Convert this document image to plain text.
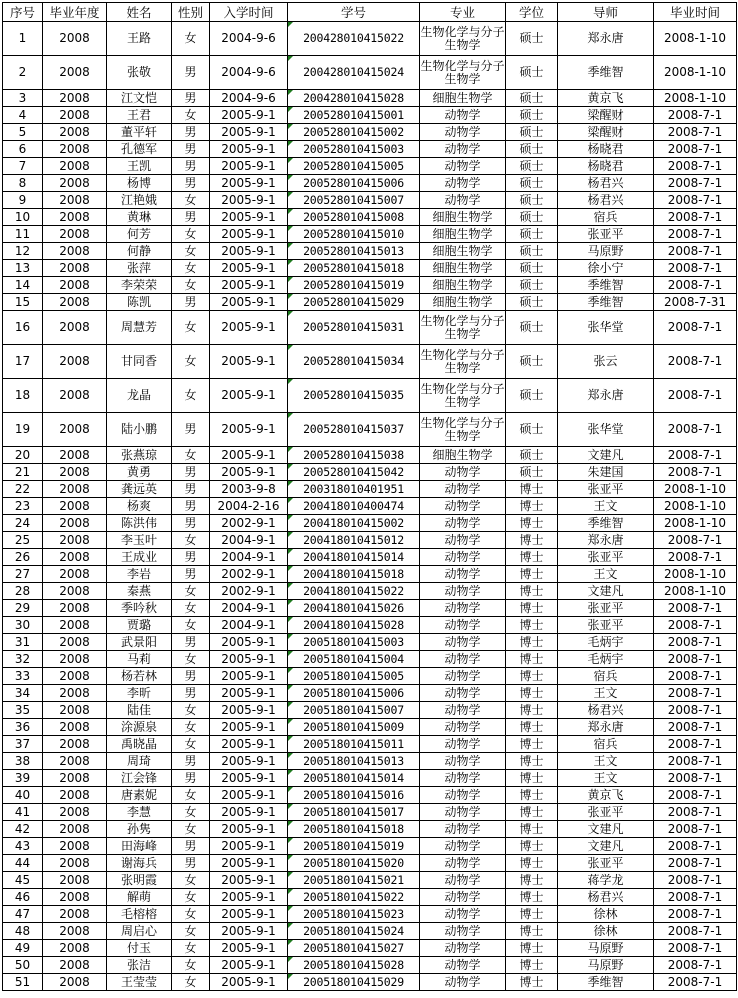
序号	毕业年度	姓名	性别	入学时间	学号	专业	学位	导师	毕业时间
1	2008	王路	女	2004-9-6	200428010415022	生物化学与分子生物学	硕士	郑永唐	2008-1-10
2	2008	张敬	男	2004-9-6	200428010415024	生物化学与分子生物学	硕士	季维智	2008-1-10
3	2008	江文恺	男	2004-9-6	200428010415028	细胞生物学	硕士	黄京飞	2008-1-10
4	2008	王君	女	2005-9-1	200528010415001	动物学	硕士	梁醒财	2008-7-1
5	2008	董平轩	男	2005-9-1	200528010415002	动物学	硕士	梁醒财	2008-7-1
6	2008	孔德军	男	2005-9-1	200528010415003	动物学	硕士	杨晓君	2008-7-1
7	2008	王凯	男	2005-9-1	200528010415005	动物学	硕士	杨晓君	2008-7-1
8	2008	杨博	男	2005-9-1	200528010415006	动物学	硕士	杨君兴	2008-7-1
9	2008	江艳娥	女	2005-9-1	200528010415007	动物学	硕士	杨君兴	2008-7-1
10	2008	黄琳	男	2005-9-1	200528010415008	细胞生物学	硕士	宿兵	2008-7-1
11	2008	何芳	女	2005-9-1	200528010415010	细胞生物学	硕士	张亚平	2008-7-1
12	2008	何静	女	2005-9-1	200528010415013	细胞生物学	硕士	马原野	2008-7-1
13	2008	张萍	女	2005-9-1	200528010415018	细胞生物学	硕士	徐小宁	2008-7-1
14	2008	李荣荣	女	2005-9-1	200528010415019	细胞生物学	硕士	季维智	2008-7-1
15	2008	陈凯	男	2005-9-1	200528010415029	细胞生物学	硕士	季维智	2008-7-31
16	2008	周慧芳	女	2005-9-1	200528010415031	生物化学与分子生物学	硕士	张华堂	2008-7-1
17	2008	甘同香	女	2005-9-1	200528010415034	生物化学与分子生物学	硕士	张云	2008-7-1
18	2008	龙晶	女	2005-9-1	200528010415035	生物化学与分子生物学	硕士	郑永唐	2008-7-1
19	2008	陆小鹏	男	2005-9-1	200528010415037	生物化学与分子生物学	硕士	张华堂	2008-7-1
20	2008	张燕琼	女	2005-9-1	200528010415038	细胞生物学	硕士	文建凡	2008-7-1
21	2008	黄勇	男	2005-9-1	200528010415042	动物学	硕士	朱建国	2008-7-1
22	2008	龚远英	男	2003-9-8	200318010401951	动物学	博士	张亚平	2008-1-10
23	2008	杨爽	男	2004-2-16	200418010400474	动物学	博士	王文	2008-1-10
24	2008	陈洪伟	男	2002-9-1	200418010415002	动物学	博士	季维智	2008-1-10
25	2008	李玉叶	女	2004-9-1	200418010415012	动物学	博士	郑永唐	2008-7-1
26	2008	王成业	男	2004-9-1	200418010415014	动物学	博士	张亚平	2008-7-1
27	2008	李岩	男	2002-9-1	200418010415018	动物学	博士	王文	2008-1-10
28	2008	秦燕	女	2002-9-1	200418010415022	动物学	博士	文建凡	2008-1-10
29	2008	季吟秋	女	2004-9-1	200418010415026	动物学	博士	张亚平	2008-7-1
30	2008	贾璐	女	2004-9-1	200418010415028	动物学	博士	张亚平	2008-7-1
31	2008	武景阳	男	2005-9-1	200518010415003	动物学	博士	毛炳宇	2008-7-1
32	2008	马莉	女	2005-9-1	200518010415004	动物学	博士	毛炳宇	2008-7-1
33	2008	杨若林	男	2005-9-1	200518010415005	动物学	博士	宿兵	2008-7-1
34	2008	李昕	男	2005-9-1	200518010415006	动物学	博士	王文	2008-7-1
35	2008	陆佳	女	2005-9-1	200518010415007	动物学	博士	杨君兴	2008-7-1
36	2008	涂源泉	女	2005-9-1	200518010415009	动物学	博士	郑永唐	2008-7-1
37	2008	禹晓晶	女	2005-9-1	200518010415011	动物学	博士	宿兵	2008-7-1
38	2008	周琦	男	2005-9-1	200518010415013	动物学	博士	王文	2008-7-1
39	2008	江会锋	男	2005-9-1	200518010415014	动物学	博士	王文	2008-7-1
40	2008	唐素妮	女	2005-9-1	200518010415016	动物学	博士	黄京飞	2008-7-1
41	2008	李慧	女	2005-9-1	200518010415017	动物学	博士	张亚平	2008-7-1
42	2008	孙隽	女	2005-9-1	200518010415018	动物学	博士	文建凡	2008-7-1
43	2008	田海峰	男	2005-9-1	200518010415019	动物学	博士	文建凡	2008-7-1
44	2008	谢海兵	男	2005-9-1	200518010415020	动物学	博士	张亚平	2008-7-1
45	2008	张明霞	女	2005-9-1	200518010415021	动物学	博士	蒋学龙	2008-7-1
46	2008	解萌	女	2005-9-1	200518010415022	动物学	博士	杨君兴	2008-7-1
47	2008	毛榕榕	女	2005-9-1	200518010415023	动物学	博士	徐林	2008-7-1
48	2008	周启心	女	2005-9-1	200518010415024	动物学	博士	徐林	2008-7-1
49	2008	付玉	女	2005-9-1	200518010415027	动物学	博士	马原野	2008-7-1
50	2008	张洁	女	2005-9-1	200518010415028	动物学	博士	马原野	2008-7-1
51	2008	王莹莹	女	2005-9-1	200518010415029	动物学	博士	季维智	2008-7-1
